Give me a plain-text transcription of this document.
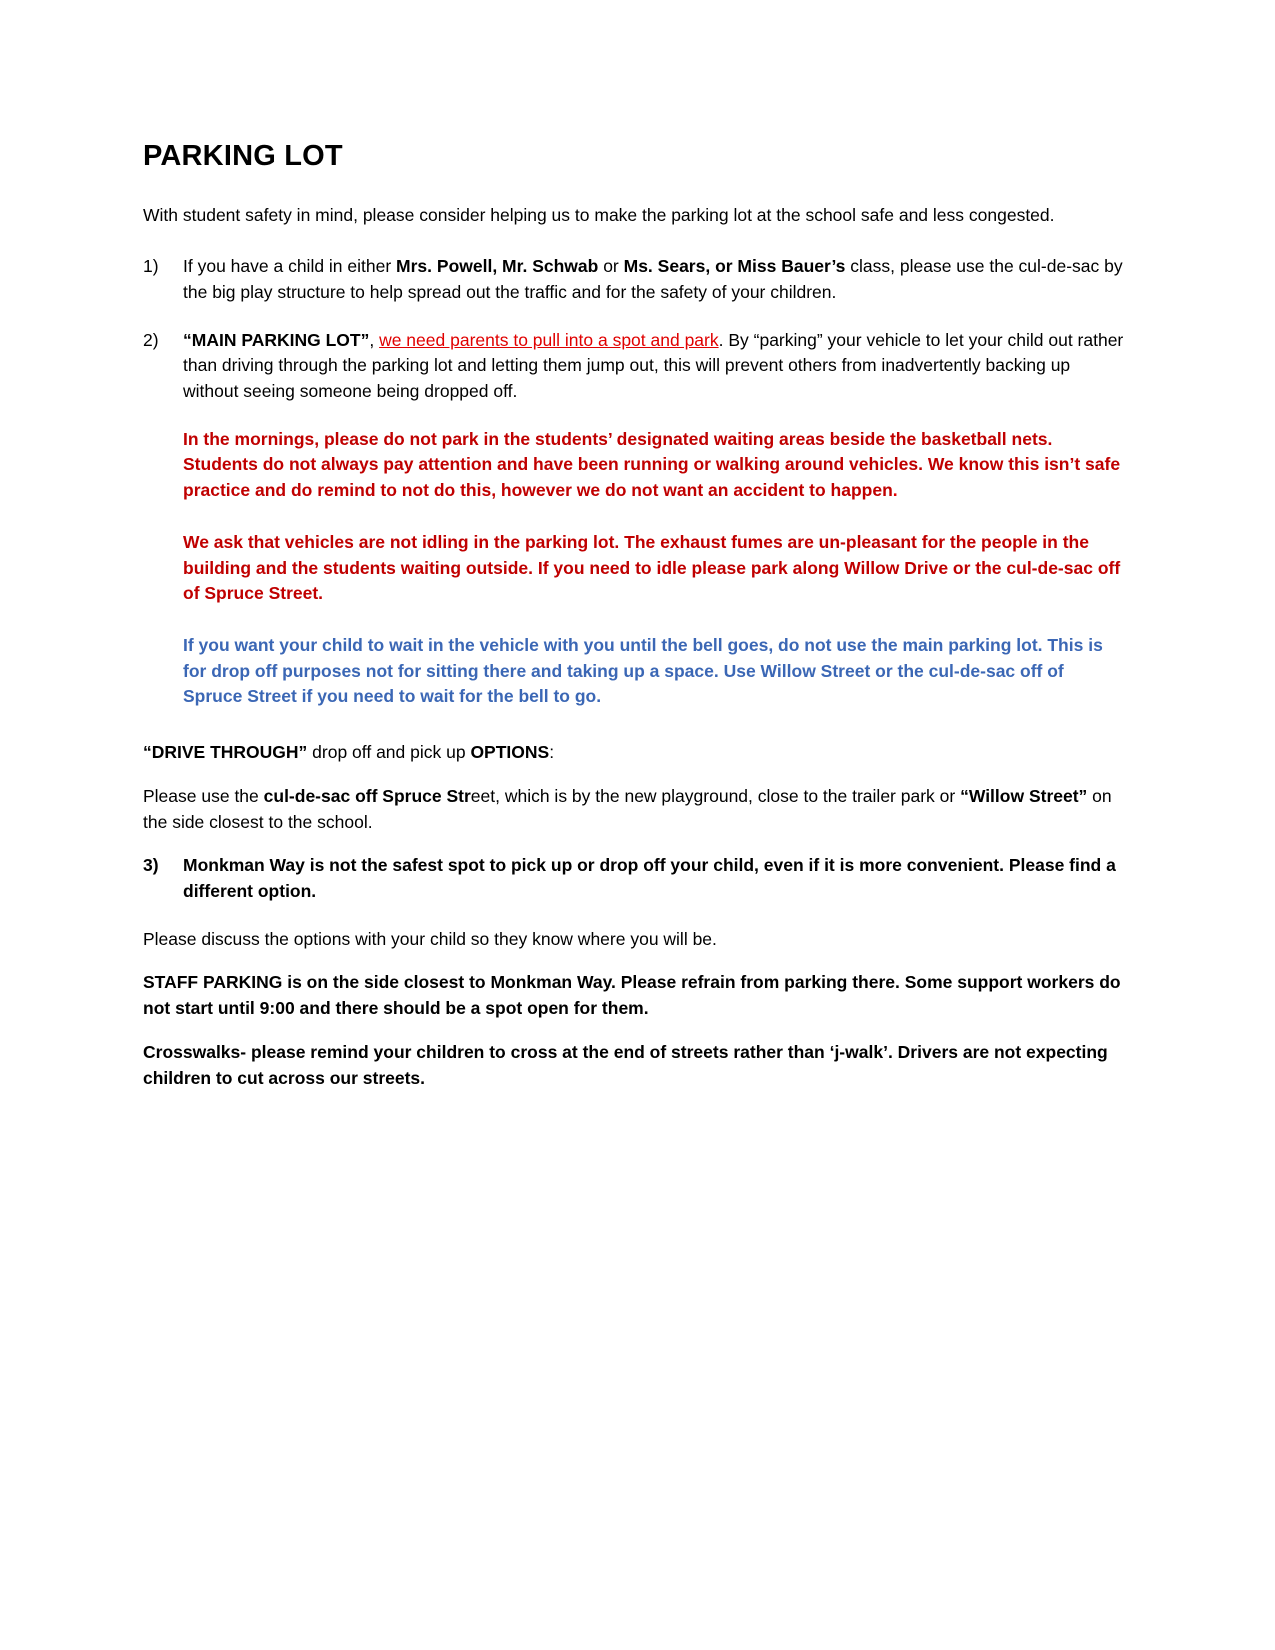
PARKING LOT

With student safety in mind, please consider helping us to make the parking lot at the school safe and less congested.

1)	If you have a child in either Mrs. Powell, Mr. Schwab or Ms. Sears, or Miss Bauer’s class, please use the cul-de-sac by the big play structure to help spread out the traffic and for the safety of your children.
2)	“MAIN PARKING LOT”, we need parents to pull into a spot and park. By “parking” your vehicle to let your child out rather than driving through the parking lot and letting them jump out, this will prevent others from inadvertently backing up without seeing someone being dropped off.

In the mornings, please do not park in the students’ designated waiting areas beside the basketball nets. Students do not always pay attention and have been running or walking around vehicles. We know this isn’t safe practice and do remind to not do this, however we do not want an accident to happen.

We ask that vehicles are not idling in the parking lot. The exhaust fumes are un-pleasant for the people in the building and the students waiting outside. If you need to idle please park along Willow Drive or the cul-de-sac off of Spruce Street.

If you want your child to wait in the vehicle with you until the bell goes, do not use the main parking lot. This is for drop off purposes not for sitting there and taking up a space. Use Willow Street or the cul-de-sac off of Spruce Street if you need to wait for the bell to go.

“DRIVE THROUGH” drop off and pick up OPTIONS:

Please use the cul-de-sac off Spruce Street, which is by the new playground, close to the trailer park or “Willow Street” on the side closest to the school.

3)	Monkman Way is not the safest spot to pick up or drop off your child, even if it is more convenient. Please find a different option.

Please discuss the options with your child so they know where you will be.

STAFF PARKING is on the side closest to Monkman Way. Please refrain from parking there. Some support workers do not start until 9:00 and there should be a spot open for them.

Crosswalks- please remind your children to cross at the end of streets rather than ‘j-walk’. Drivers are not expecting children to cut across our streets.
